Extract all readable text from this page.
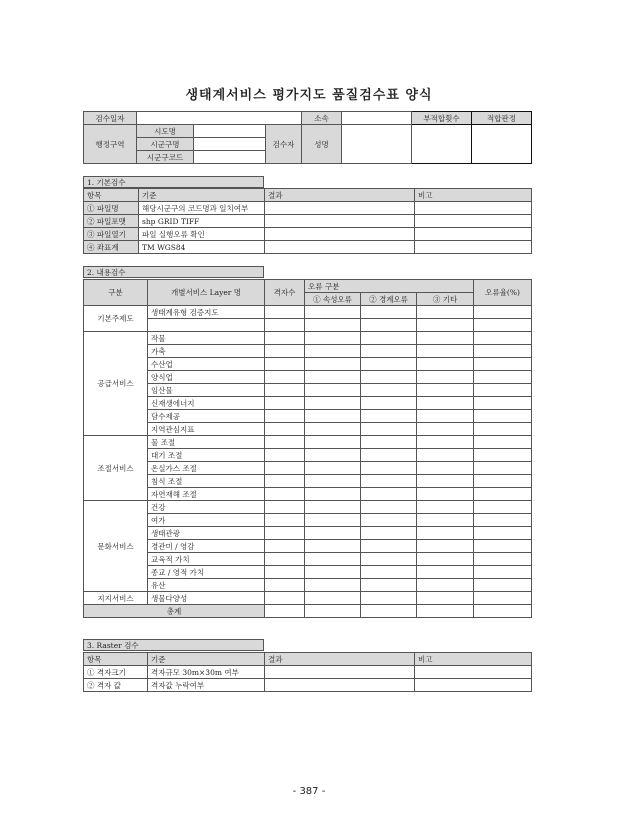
생태계서비스 평가지도 품질검수표 양식
검수일자				소속		부적합횟수	적합판정
행정구역	시도명		검수자	성명			
	시군구명						
	시군구코드						
1. 기본검수
항목	기준	결과	비고
① 파일명	해당시군구의 코드명과 일치여부		
② 파일포맷	shp GRID TIFF		
③ 파일열기	파일 실행오류 확인		
④ 좌표계	TM WGS84		
2. 내용검수
구분	개별서비스 Layer 명	격자수	오류 구분			오류율(%)
			① 속성오류	② 경계오류	③ 기타	
기본주제도	생태계유형 검증지도					

공급서비스	작물					
	가축					
	수산업					
	양식업					
	임산물					
	신재생에너지					
	담수제공					
	지역관심지표					
조절서비스	물 조절					
	대기 조절					
	온실가스 조절					
	침식 조절					
	자연재해 조절					
문화서비스	건강					
	여가					
	생태관광					
	경관미 / 영감					
	교육적 가치					
	종교 / 영적 가치					
	유산					
지지서비스	생물다양성					
총계						
3. Raster 검수
항목	기준	결과	비고
① 격자크기	격자규모 30m×30m 여부		
② 격자 값	격자값 누락여부		
- 387 -
